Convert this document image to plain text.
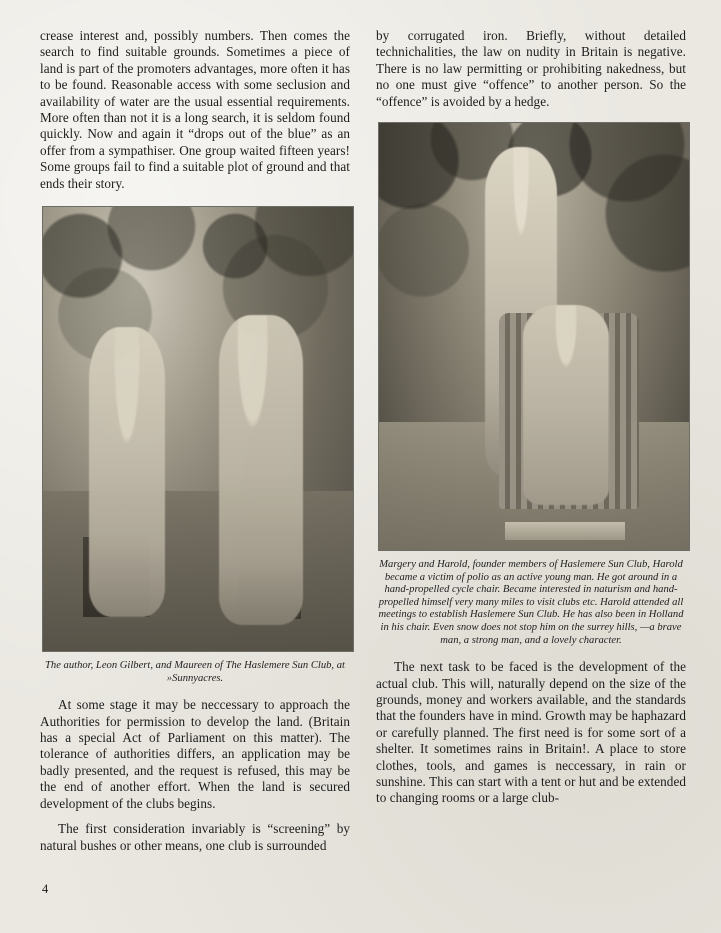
crease interest and, possibly numbers. Then comes the search to find suitable grounds. Sometimes a piece of land is part of the promoters advantages, more often it has to be found. Reasonable access with some seclusion and availability of water are the usual essential requirements. More often than not it is a long search, it is seldom found quickly. Now and again it “drops out of the blue” as an offer from a sympathiser. One group waited fifteen years! Some groups fail to find a suitable plot of ground and that ends their story.

The author, Leon Gilbert, and Maureen of The Haslemere Sun Club, at »Sunnyacres.

At some stage it may be neccessary to approach the Authorities for permission to develop the land. (Britain has a special Act of Parliament on this matter). The tolerance of authorities differs, an application may be badly presented, and the request is refused, this may be the end of another effort. When the land is secured development of the clubs begins.

The first consideration invariably is “screening” by natural bushes or other means, one club is surrounded

by corrugated iron. Briefly, without detailed technichalities, the law on nudity in Britain is negative. There is no law permitting or prohibiting nakedness, but no one must give “offence” to another person. So the “offence” is avoided by a hedge.

Margery and Harold, founder members of Haslemere Sun Club, Harold became a victim of polio as an active young man. He got around in a hand-propelled cycle chair. Became interested in naturism and hand-propelled himself very many miles to visit clubs etc. Harold attended all meetings to establish Haslemere Sun Club. He has also been in Holland in his chair. Even snow does not stop him on the surrey hills, —a brave man, a strong man, and a lovely character.

The next task to be faced is the development of the actual club. This will, naturally depend on the size of the grounds, money and workers available, and the standards that the founders have in mind. Growth may be haphazard or carefully planned. The first need is for some sort of a shelter. It sometimes rains in Britain!. A place to store clothes, tools, and games is neccessary, in rain or sunshine. This can start with a tent or hut and be extended to changing rooms or a large club-

4
